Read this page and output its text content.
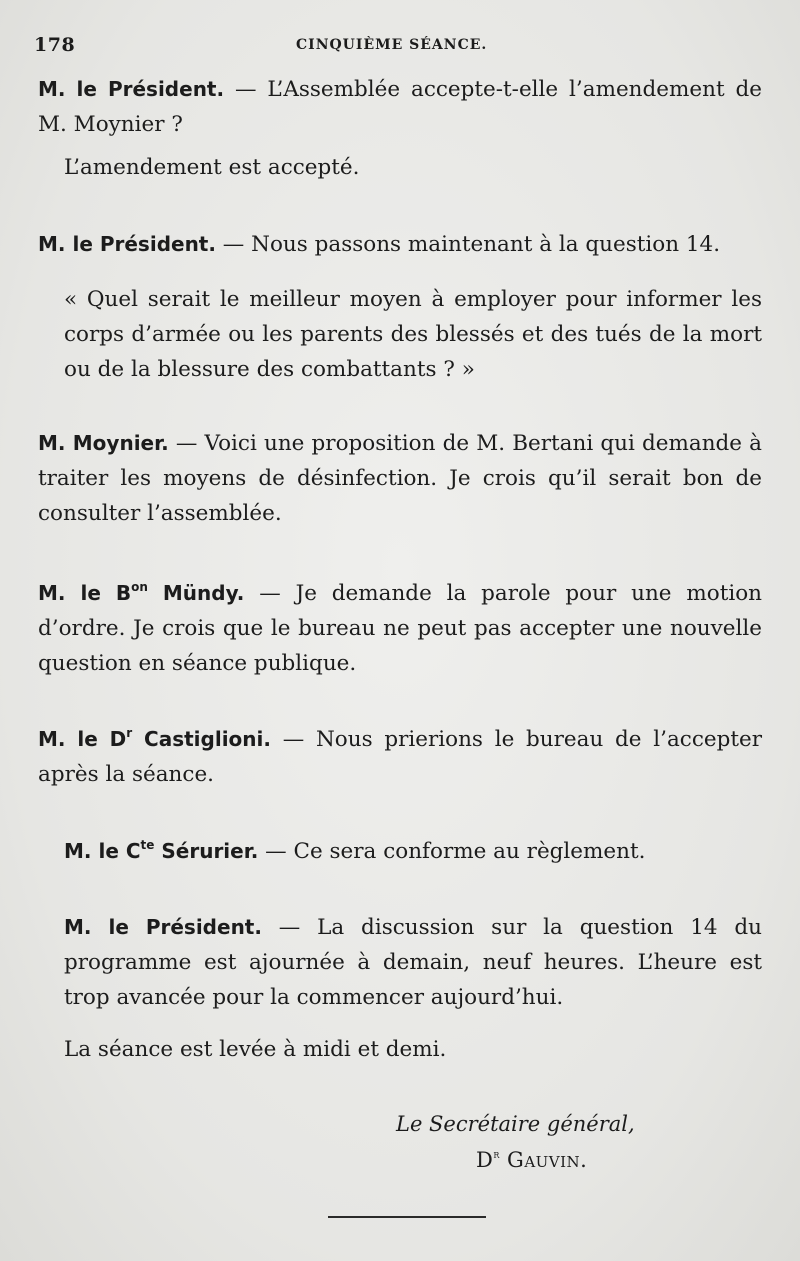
178	CINQUIÈME SÉANCE.

M. le Président. — L’Assemblée accepte-t-elle l’amendement de M. Moynier ?

L’amendement est accepté.

M. le Président. — Nous passons maintenant à la question 14.

« Quel serait le meilleur moyen à employer pour informer les corps d’armée ou les parents des blessés et des tués de la mort ou de la blessure des combattants ? »

M. Moynier. — Voici une proposition de M. Bertani qui demande à traiter les moyens de désinfection. Je crois qu’il serait bon de consulter l’assemblée.

M. le $B^{on}$ Mündy. — Je demande la parole pour une motion d’ordre. Je crois que le bureau ne peut pas accepter une nouvelle question en séance publique.

M. le $D^r$ Castiglioni. — Nous prierions le bureau de l’accepter après la séance.

M. le $C^{te}$ Sérurier. — Ce sera conforme au règlement.

M. le Président. — La discussion sur la question 14 du programme est ajournée à demain, neuf heures. L’heure est trop avancée pour la commencer aujourd’hui.

La séance est levée à midi et demi.

Le Secrétaire général,
$D^r$ Gauvin.
